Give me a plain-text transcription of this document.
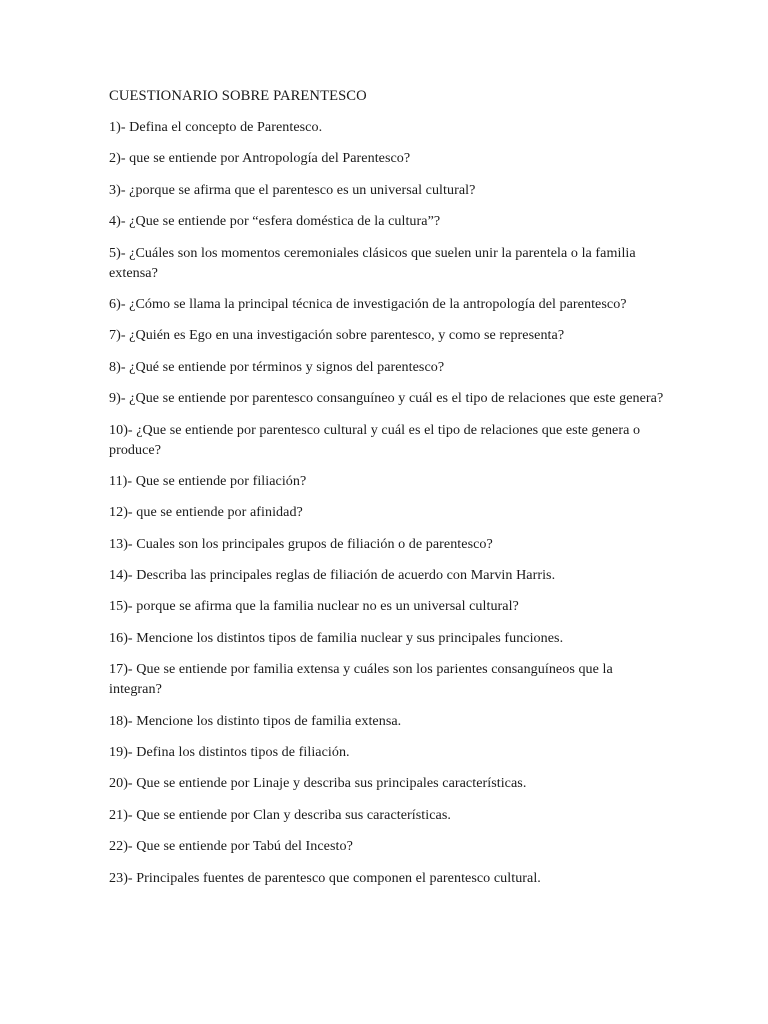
CUESTIONARIO SOBRE PARENTESCO
1)- Defina el concepto de Parentesco.
2)- que se entiende por Antropología del Parentesco?
3)- ¿porque se afirma que el parentesco es un universal cultural?
4)- ¿Que se entiende por “esfera doméstica de la cultura”?
5)- ¿Cuáles son los momentos ceremoniales clásicos que suelen unir la parentela o la familia extensa?
6)- ¿Cómo se llama la principal técnica de investigación de la antropología del parentesco?
7)- ¿Quién es Ego en una investigación sobre parentesco, y como se representa?
8)- ¿Qué se entiende por términos y signos del parentesco?
9)- ¿Que se entiende por parentesco consanguíneo y cuál es el tipo de relaciones que este genera?
10)- ¿Que se entiende por parentesco cultural y cuál es el tipo de relaciones que este genera o produce?
11)- Que se entiende por filiación?
12)- que se entiende por afinidad?
13)- Cuales son los principales grupos de filiación o de parentesco?
14)- Describa las principales reglas de filiación de acuerdo con Marvin Harris.
15)- porque se afirma que la familia nuclear no es un universal cultural?
16)- Mencione los distintos tipos de familia nuclear y sus principales funciones.
17)- Que se entiende por familia extensa y cuáles son los parientes consanguíneos que la integran?
18)- Mencione los distinto tipos de familia extensa.
19)- Defina los distintos tipos de filiación.
20)- Que se entiende por Linaje y describa sus principales características.
21)- Que se entiende por Clan y describa sus características.
22)- Que se entiende por Tabú del Incesto?
23)- Principales fuentes de parentesco que componen el parentesco cultural.
